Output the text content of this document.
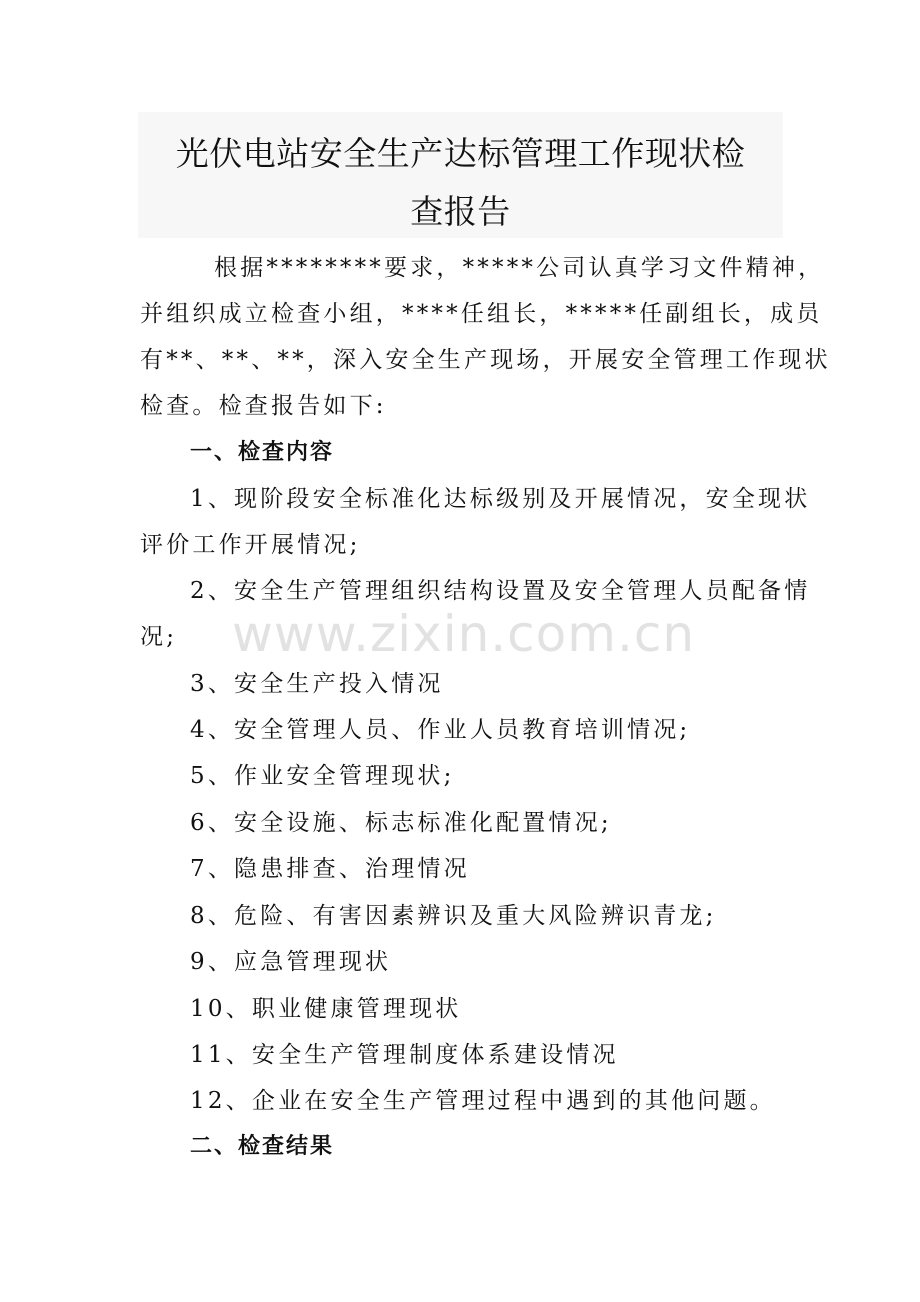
光伏电站安全生产达标管理工作现状检
查报告
根据********要求，*****公司认真学习文件精神，
并组织成立检查小组，****任组长，*****任副组长，成员
有**、**、**，深入安全生产现场，开展安全管理工作现状
检查。检查报告如下:
一、检查内容
1、现阶段安全标准化达标级别及开展情况，安全现状
评价工作开展情况;
2、安全生产管理组织结构设置及安全管理人员配备情
况;
3、安全生产投入情况
4、安全管理人员、作业人员教育培训情况;
5、作业安全管理现状;
6、安全设施、标志标准化配置情况;
7、隐患排查、治理情况
8、危险、有害因素辨识及重大风险辨识青龙;
9、应急管理现状
10、职业健康管理现状
11、安全生产管理制度体系建设情况
12、企业在安全生产管理过程中遇到的其他问题。
二、检查结果
www.zixin.com.cn
